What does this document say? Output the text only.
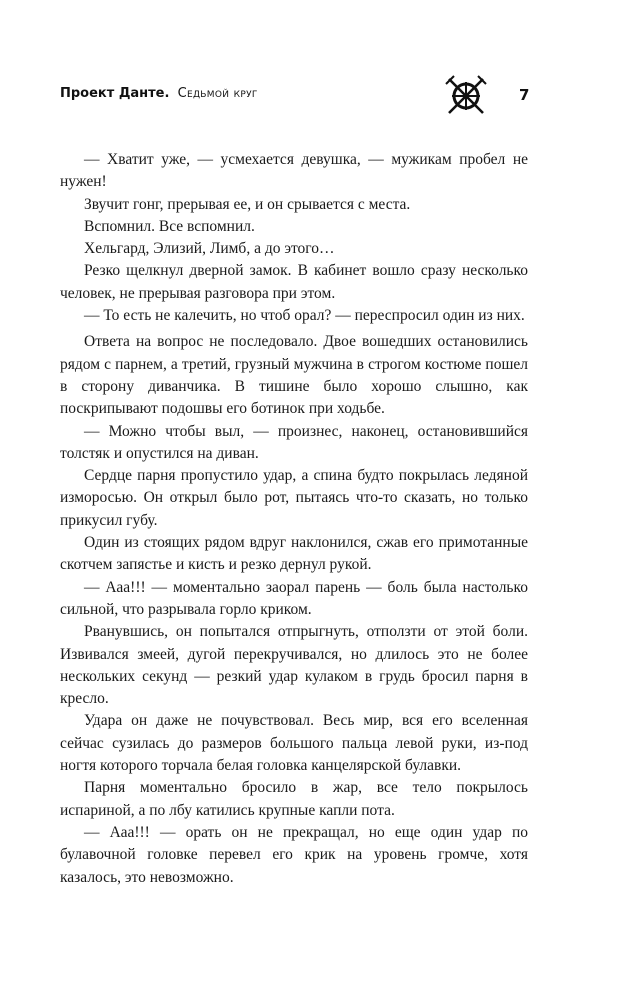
Проект Данте. Седьмой круг	7

— Хватит уже, — усмехается девушка, — мужикам пробел не нужен!

Звучит гонг, прерывая ее, и он срывается с места.

Вспомнил. Все вспомнил.

Хельгард, Элизий, Лимб, а до этого…

Резко щелкнул дверной замок. В кабинет вошло сразу несколько человек, не прерывая разговора при этом.

— То есть не калечить, но чтоб орал? — переспросил один из них.

Ответа на вопрос не последовало. Двое вошедших остановились рядом с парнем, а третий, грузный мужчина в строгом костюме пошел в сторону диванчика. В тишине было хорошо слышно, как поскрипывают подошвы его ботинок при ходьбе.

— Можно чтобы выл, — произнес, наконец, остановившийся толстяк и опустился на диван.

Сердце парня пропустило удар, а спина будто покрылась ледяной изморосью. Он открыл было рот, пытаясь что-то сказать, но только прикусил губу.

Один из стоящих рядом вдруг наклонился, сжав его примотанные скотчем запястье и кисть и резко дернул рукой.

— Ааа!!! — моментально заорал парень — боль была настолько сильной, что разрывала горло криком.

Рванувшись, он попытался отпрыгнуть, отползти от этой боли. Извивался змеей, дугой перекручивался, но длилось это не более нескольких секунд — резкий удар кулаком в грудь бросил парня в кресло.

Удара он даже не почувствовал. Весь мир, вся его вселенная сейчас сузилась до размеров большого пальца левой руки, из-под ногтя которого торчала белая головка канцелярской булавки.

Парня моментально бросило в жар, все тело покрылось испариной, а по лбу катились крупные капли пота.

— Ааа!!! — орать он не прекращал, но еще один удар по булавочной головке перевел его крик на уровень громче, хотя казалось, это невозможно.
